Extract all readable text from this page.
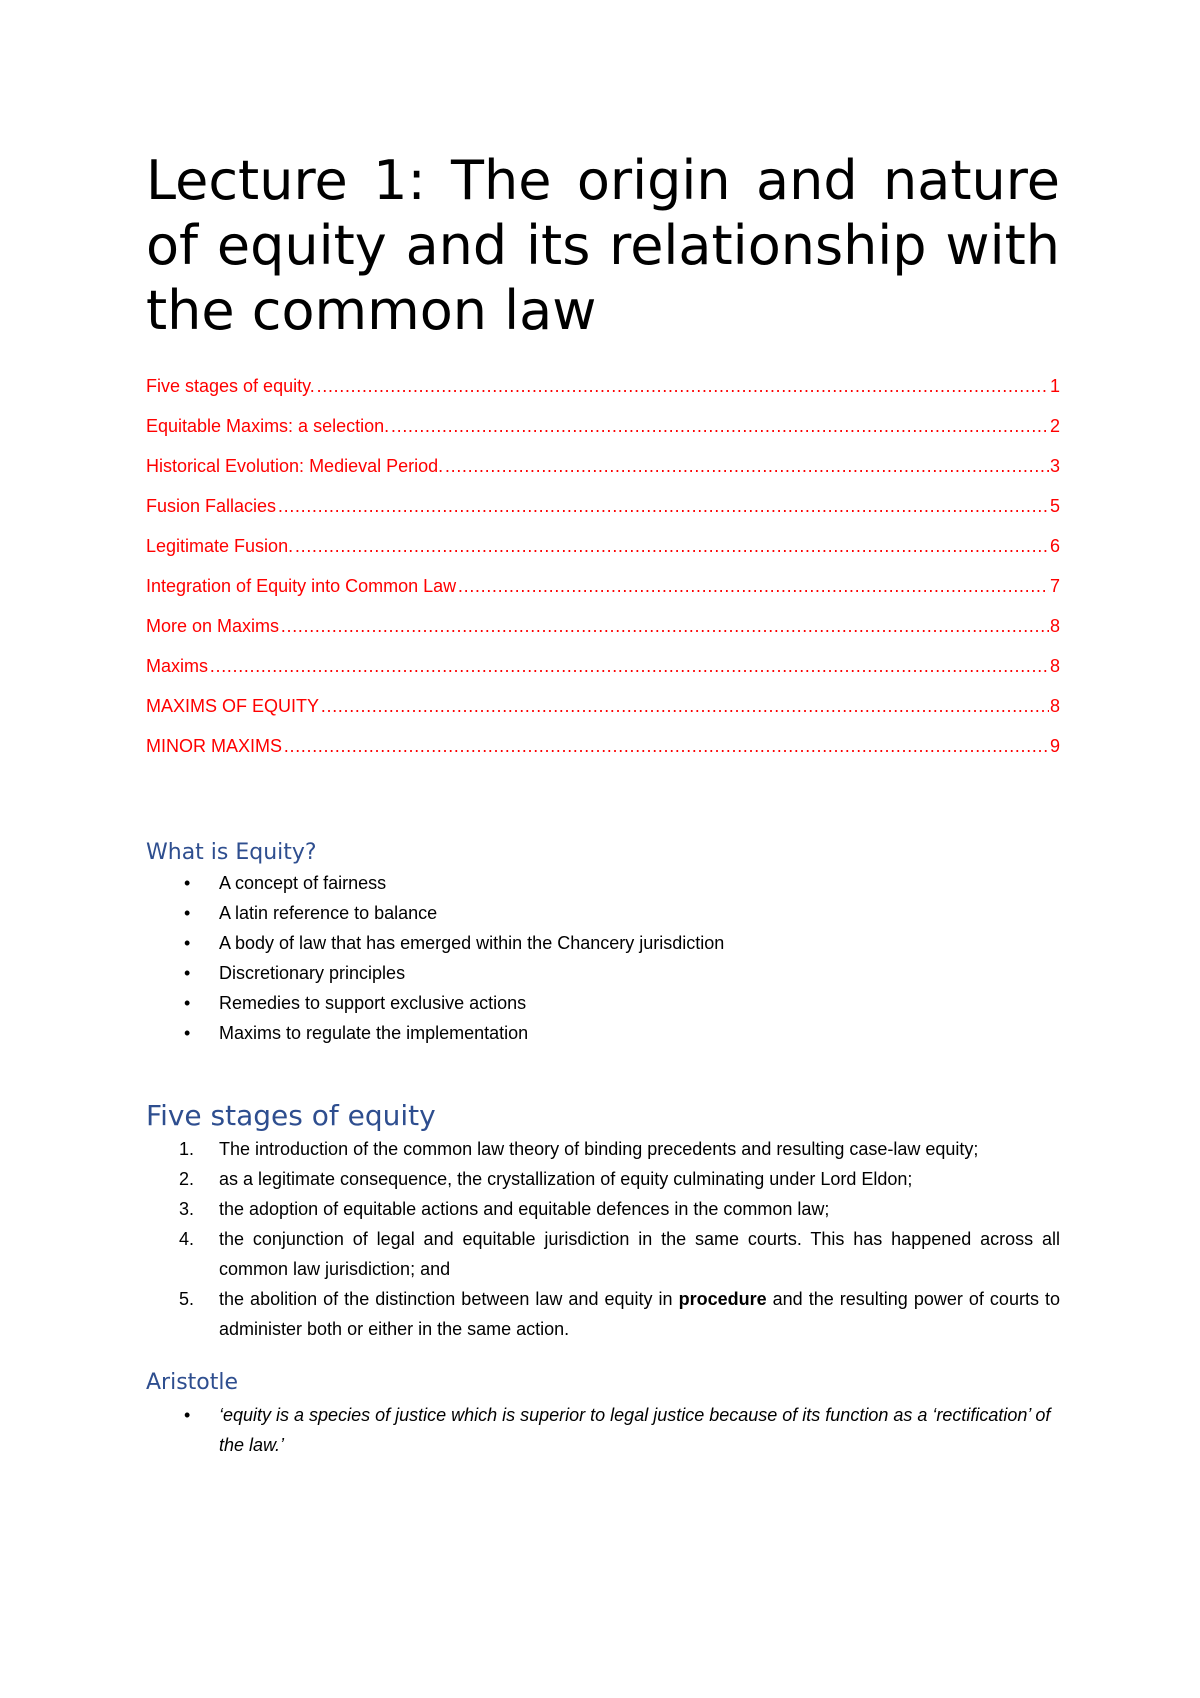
Lecture 1: The origin and nature of equity and its relationship with the common law
Five stages of equity. ………………………………………………………………………………………………………………………………………………………………………………………………………………	1
Equitable Maxims: a selection. ………………………………………………………………………………………………………………………………………………………………………………………………………………	2
Historical Evolution: Medieval Period. ………………………………………………………………………………………………………………………………………………………………………………………………………………	3
Fusion Fallacies ………………………………………………………………………………………………………………………………………………………………………………………………………………	5
Legitimate Fusion. ………………………………………………………………………………………………………………………………………………………………………………………………………………	6
Integration of Equity into Common Law ………………………………………………………………………………………………………………………………………………………………………………………………………………	7
More on Maxims ………………………………………………………………………………………………………………………………………………………………………………………………………………	8
Maxims ………………………………………………………………………………………………………………………………………………………………………………………………………………	8
MAXIMS OF EQUITY ………………………………………………………………………………………………………………………………………………………………………………………………………………	8
MINOR MAXIMS ………………………………………………………………………………………………………………………………………………………………………………………………………………	9
What is Equity?
• A concept of fairness
• A latin reference to balance
• A body of law that has emerged within the Chancery jurisdiction
• Discretionary principles
• Remedies to support exclusive actions
• Maxims to regulate the implementation
Five stages of equity
1. The introduction of the common law theory of binding precedents and resulting case-law equity;
2. as a legitimate consequence, the crystallization of equity culminating under Lord Eldon;
3. the adoption of equitable actions and equitable defences in the common law;
4. the conjunction of legal and equitable jurisdiction in the same courts. This has happened across all common law jurisdiction; and
5. the abolition of the distinction between law and equity in procedure and the resulting power of courts to administer both or either in the same action.
Aristotle
• ‘equity is a species of justice which is superior to legal justice because of its function as a ‘rectification’ of the law.’
